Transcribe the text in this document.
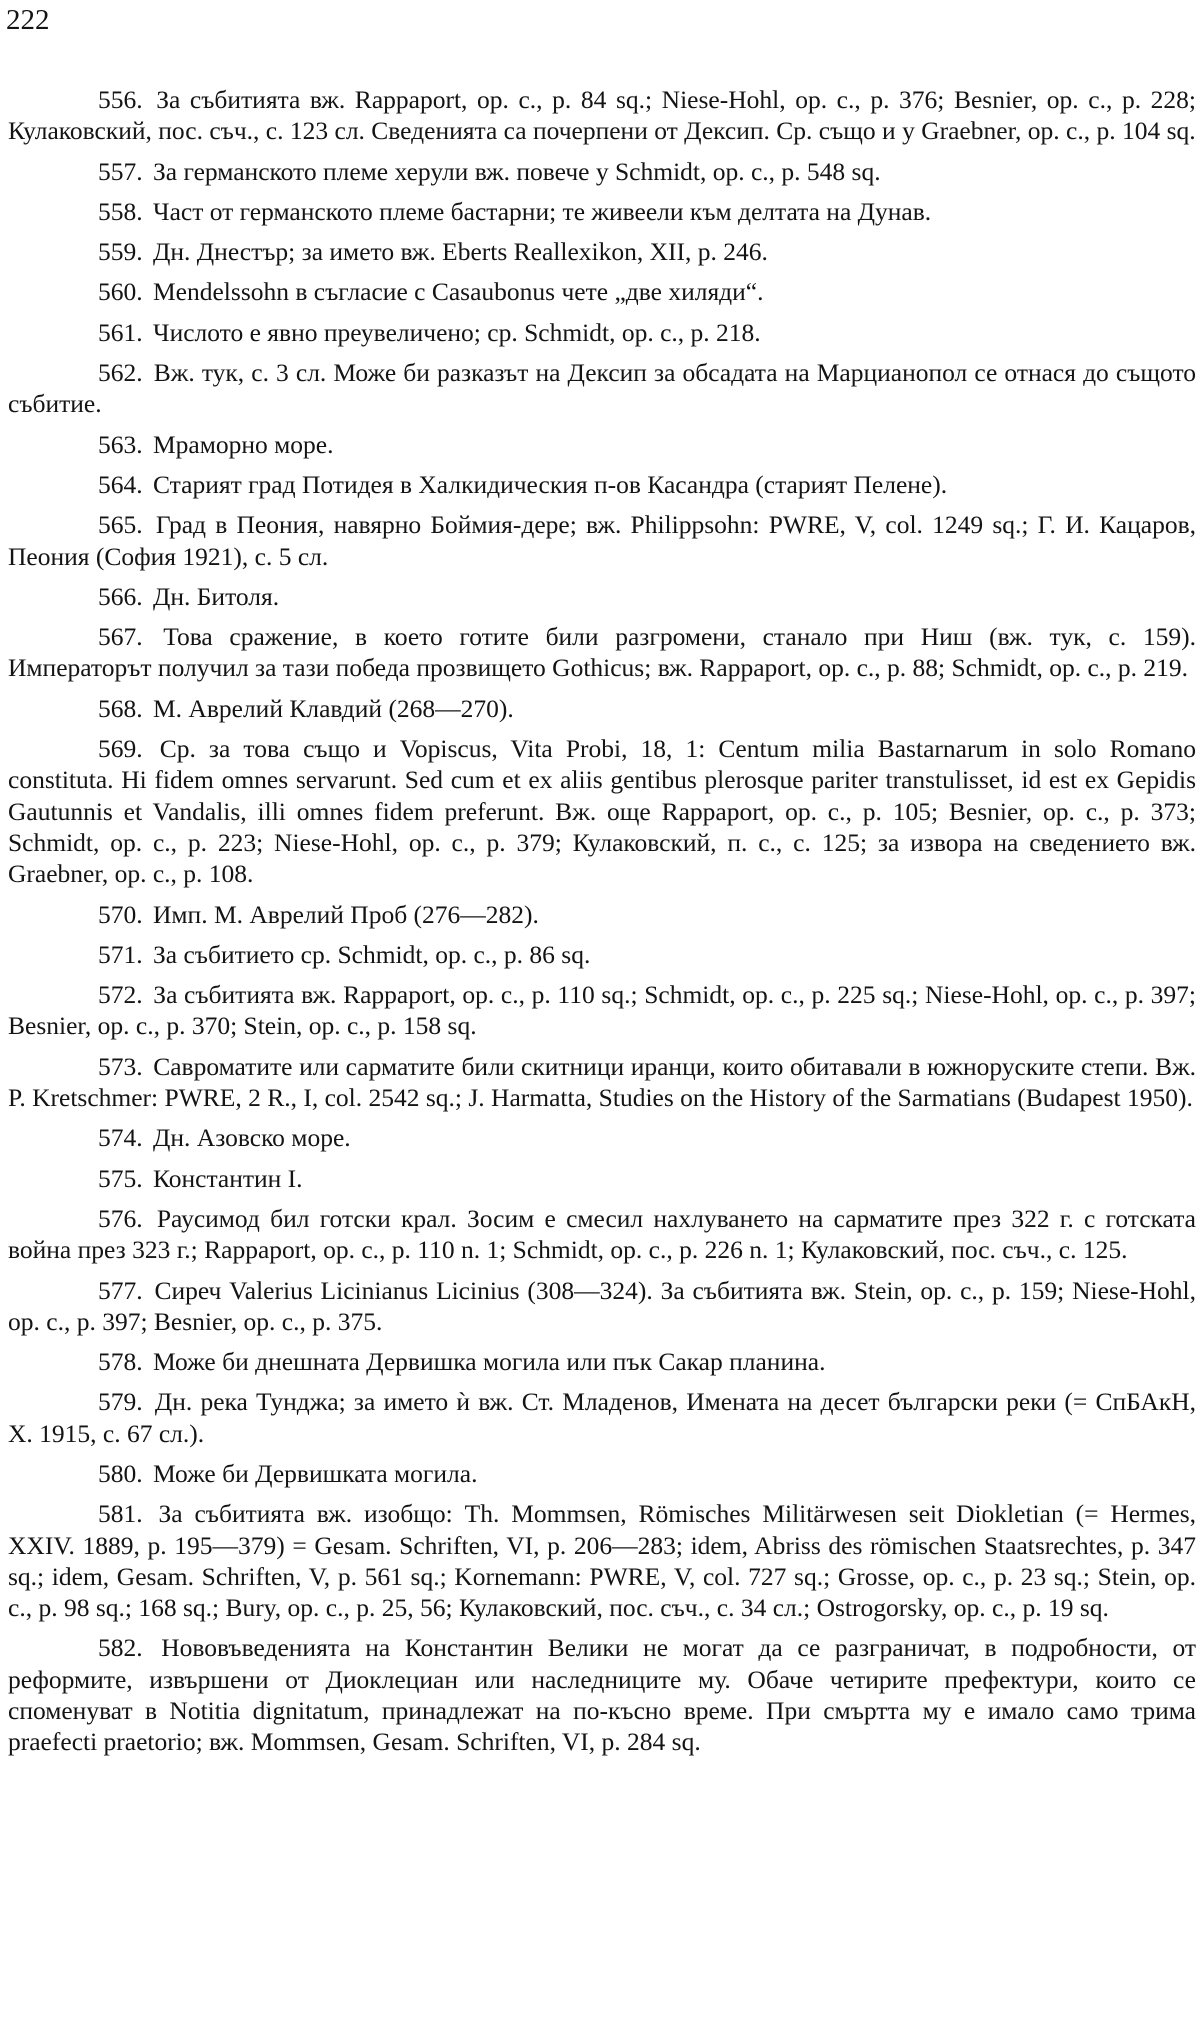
222

556. За събитията вж. Rappaport, op. c., p. 84 sq.; Niese-Hohl, op. c., p. 376; Besnier, op. c., p. 228; Кулаковский, пос. съч., с. 123 сл. Сведенията са почерпени от Дексип. Ср. също и у Graebner, op. c., p. 104 sq.

557. За германското племе херули вж. повече у Schmidt, op. c., p. 548 sq.

558. Част от германското племе бастарни; те живеели към делтата на Дунав.

559. Дн. Днестър; за името вж. Eberts Reallexikon, XII, p. 246.

560. Mendelssohn в съгласие с Casaubonus чете „две хиляди“.

561. Числото е явно преувеличено; ср. Schmidt, op. c., p. 218.

562. Вж. тук, с. 3 сл. Може би разказът на Дексип за обсадата на Марцианопол се отнася до същото събитие.

563. Мраморно море.

564. Старият град Потидея в Халкидическия п-ов Касандра (старият Пелене).

565. Град в Пеония, навярно Боймия-дере; вж. Philippsohn: PWRE, V, col. 1249 sq.; Г. И. Кацаров, Пеония (София 1921), с. 5 сл.

566. Дн. Битоля.

567. Това сражение, в което готите били разгромени, станало при Ниш (вж. тук, с. 159). Императорът получил за тази победа прозвището Gothicus; вж. Rappaport, op. c., p. 88; Schmidt, op. c., p. 219.

568. М. Аврелий Клавдий (268—270).

569. Ср. за това също и Vopiscus, Vita Probi, 18, 1: Centum milia Bastarnarum in solo Romano constituta. Hi fidem omnes servarunt. Sed cum et ex aliis gentibus plerosque pariter transtulisset, id est ex Gepidis Gautunnis et Vandalis, illi omnes fidem preferunt. Вж. още Rappaport, op. c., p. 105; Besnier, op. c., p. 373; Schmidt, op. c., p. 223; Niese-Hohl, op. c., p. 379; Кулаковский, п. с., с. 125; за извора на сведението вж. Graebner, op. c., p. 108.

570. Имп. М. Аврелий Проб (276—282).

571. За събитието ср. Schmidt, op. c., p. 86 sq.

572. За събитията вж. Rappaport, op. c., p. 110 sq.; Schmidt, op. c., p. 225 sq.; Niese-Hohl, op. c., p. 397; Besnier, op. c., p. 370; Stein, op. c., p. 158 sq.

573. Савроматите или сарматите били скитници иранци, които обитавали в южноруските степи. Вж. P. Kretschmer: PWRE, 2 R., I, col. 2542 sq.; J. Harmatta, Studies on the History of the Sarmatians (Budapest 1950).

574. Дн. Азовско море.

575. Константин I.

576. Раусимод бил готски крал. Зосим е смесил нахлуването на сарматите през 322 г. с готската война през 323 г.; Rappaport, op. c., p. 110 n. 1; Schmidt, op. c., p. 226 n. 1; Кулаковский, пос. съч., с. 125.

577. Сиреч Valerius Licinianus Licinius (308—324). За събитията вж. Stein, op. c., p. 159; Niese-Hohl, op. c., p. 397; Besnier, op. c., p. 375.

578. Може би днешната Дервишка могила или пък Сакар планина.

579. Дн. река Тунджа; за името ѝ вж. Ст. Младенов, Имената на десет български реки (= СпБАкН, X. 1915, с. 67 сл.).

580. Може би Дервишката могила.

581. За събитията вж. изобщо: Th. Mommsen, Römisches Militärwesen seit Diokletian (= Hermes, XXIV. 1889, p. 195—379) = Gesam. Schriften, VI, p. 206—283; idem, Abriss des römischen Staatsrechtes, p. 347 sq.; idem, Gesam. Schriften, V, p. 561 sq.; Kornemann: PWRE, V, col. 727 sq.; Grosse, op. c., p. 23 sq.; Stein, op. c., p. 98 sq.; 168 sq.; Bury, op. c., p. 25, 56; Кулаковский, пос. съч., с. 34 сл.; Ostrogorsky, op. c., p. 19 sq.

582. Нововъведенията на Константин Велики не могат да се разграничат, в подробности, от реформите, извършени от Диоклециан или наследниците му. Обаче четирите префектури, които се споменуват в Notitia dignitatum, принадлежат на по-късно време. При смъртта му е имало само трима praefecti praetorio; вж. Mommsen, Gesam. Schriften, VI, p. 284 sq.
